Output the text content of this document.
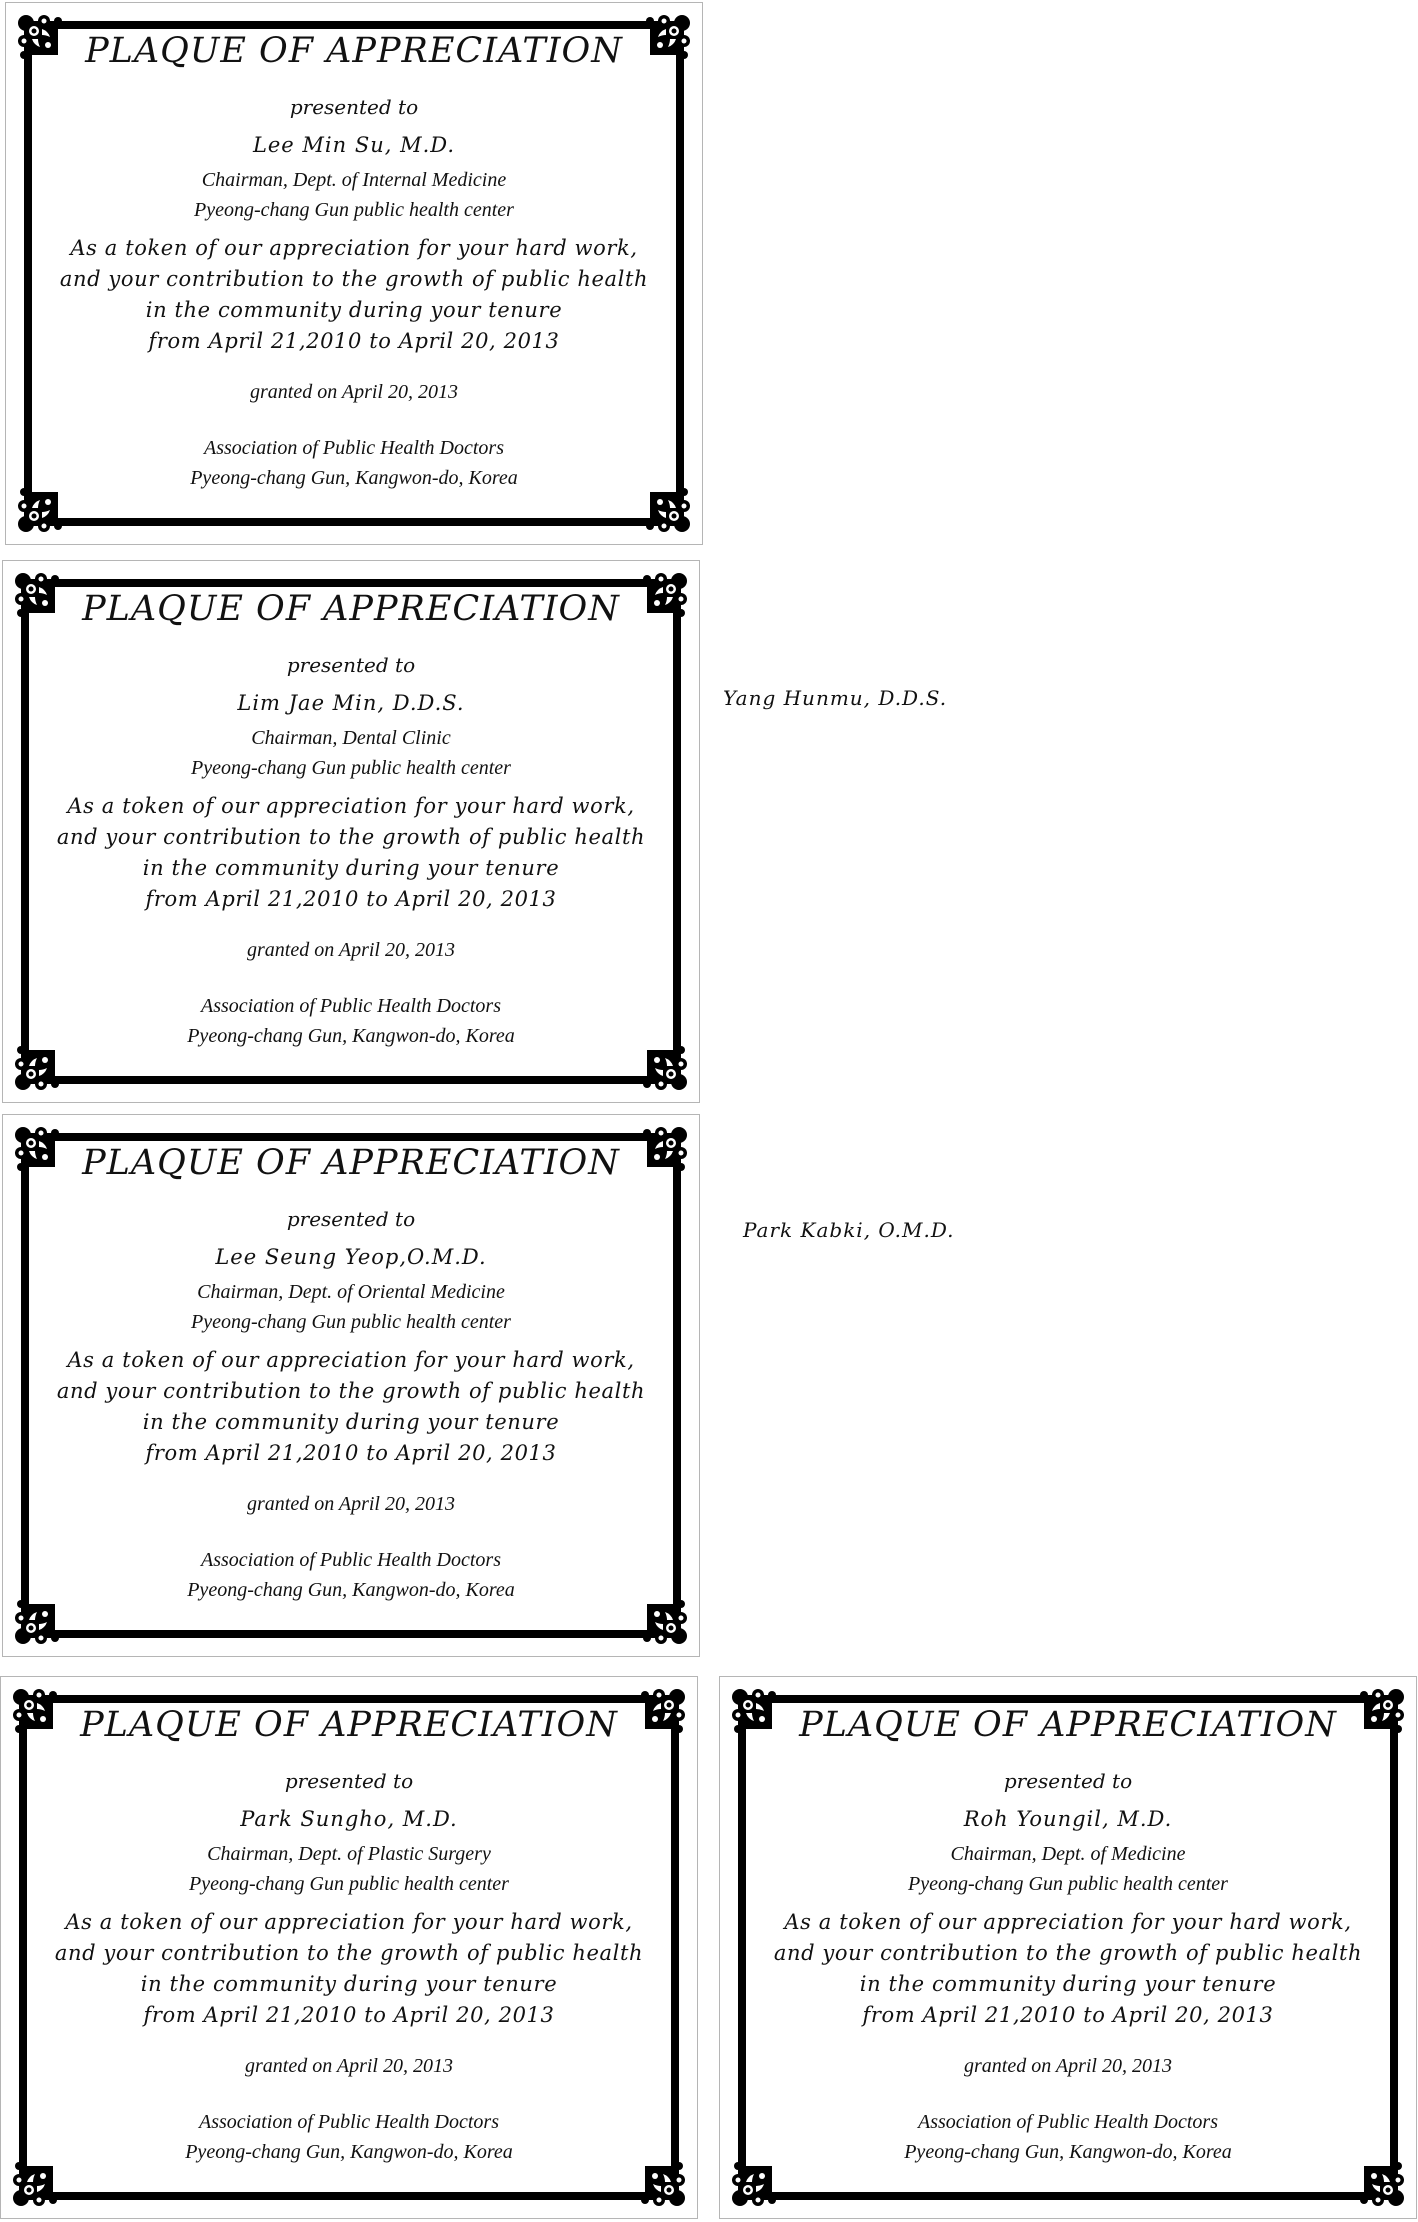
PLAQUE OF APPRECIATION
presented to
Lee Min Su, M.D.
Chairman, Dept. of Internal Medicine
Pyeong-chang Gun public health center
As a token of our appreciation for your hard work,
and your contribution to the growth of public health
in the community during your tenure
from April 21,2010 to April 20, 2013
granted on April 20, 2013
Association of Public Health Doctors
Pyeong-chang Gun, Kangwon-do, Korea
PLAQUE OF APPRECIATION
presented to
Lim Jae Min, D.D.S.
Chairman, Dental Clinic
Pyeong-chang Gun public health center
As a token of our appreciation for your hard work,
and your contribution to the growth of public health
in the community during your tenure
from April 21,2010 to April 20, 2013
granted on April 20, 2013
Association of Public Health Doctors
Pyeong-chang Gun, Kangwon-do, Korea
PLAQUE OF APPRECIATION
presented to
Lee Seung Yeop,O.M.D.
Chairman, Dept. of Oriental Medicine
Pyeong-chang Gun public health center
As a token of our appreciation for your hard work,
and your contribution to the growth of public health
in the community during your tenure
from April 21,2010 to April 20, 2013
granted on April 20, 2013
Association of Public Health Doctors
Pyeong-chang Gun, Kangwon-do, Korea
PLAQUE OF APPRECIATION
presented to
Park Sungho, M.D.
Chairman, Dept. of Plastic Surgery
Pyeong-chang Gun public health center
As a token of our appreciation for your hard work,
and your contribution to the growth of public health
in the community during your tenure
from April 21,2010 to April 20, 2013
granted on April 20, 2013
Association of Public Health Doctors
Pyeong-chang Gun, Kangwon-do, Korea
PLAQUE OF APPRECIATION
presented to
Roh Youngil, M.D.
Chairman, Dept. of Medicine
Pyeong-chang Gun public health center
As a token of our appreciation for your hard work,
and your contribution to the growth of public health
in the community during your tenure
from April 21,2010 to April 20, 2013
granted on April 20, 2013
Association of Public Health Doctors
Pyeong-chang Gun, Kangwon-do, Korea
Yang Hunmu, D.D.S.
Park Kabki, O.M.D.
